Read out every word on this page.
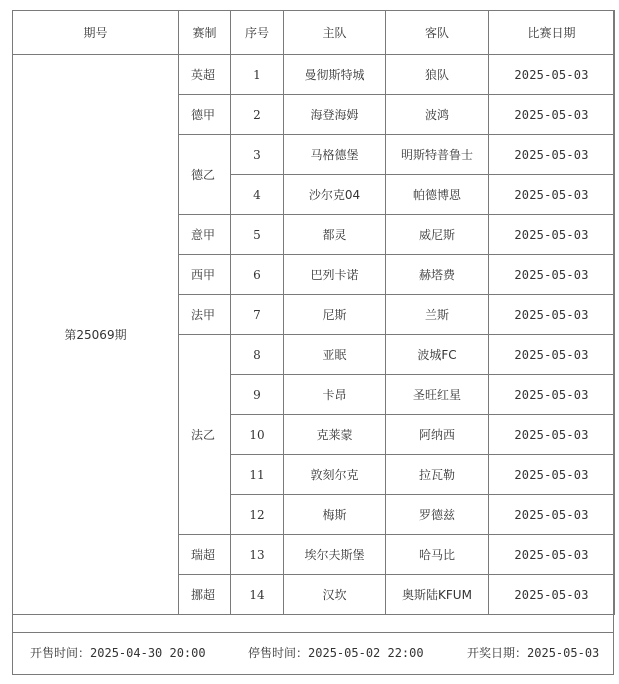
期号	赛制	序号	主队	客队	比赛日期
第25069期	英超	1	曼彻斯特城	狼队	2025-05-03
	德甲	2	海登海姆	波鸿	2025-05-03
	德乙	3	马格德堡	明斯特普鲁士	2025-05-03
		4	沙尔克04	帕德博恩	2025-05-03
	意甲	5	都灵	威尼斯	2025-05-03
	西甲	6	巴列卡诺	赫塔费	2025-05-03
	法甲	7	尼斯	兰斯	2025-05-03
	法乙	8	亚眠	波城FC	2025-05-03
		9	卡昂	圣旺红星	2025-05-03
		10	克莱蒙	阿纳西	2025-05-03
		11	敦刻尔克	拉瓦勒	2025-05-03
		12	梅斯	罗德兹	2025-05-03
	瑞超	13	埃尔夫斯堡	哈马比	2025-05-03
	挪超	14	汉坎	奥斯陆KFUM	2025-05-03
开售时间：2025-04-30 20:00	停售时间：2025-05-02 22:00	开奖日期：2025-05-03
